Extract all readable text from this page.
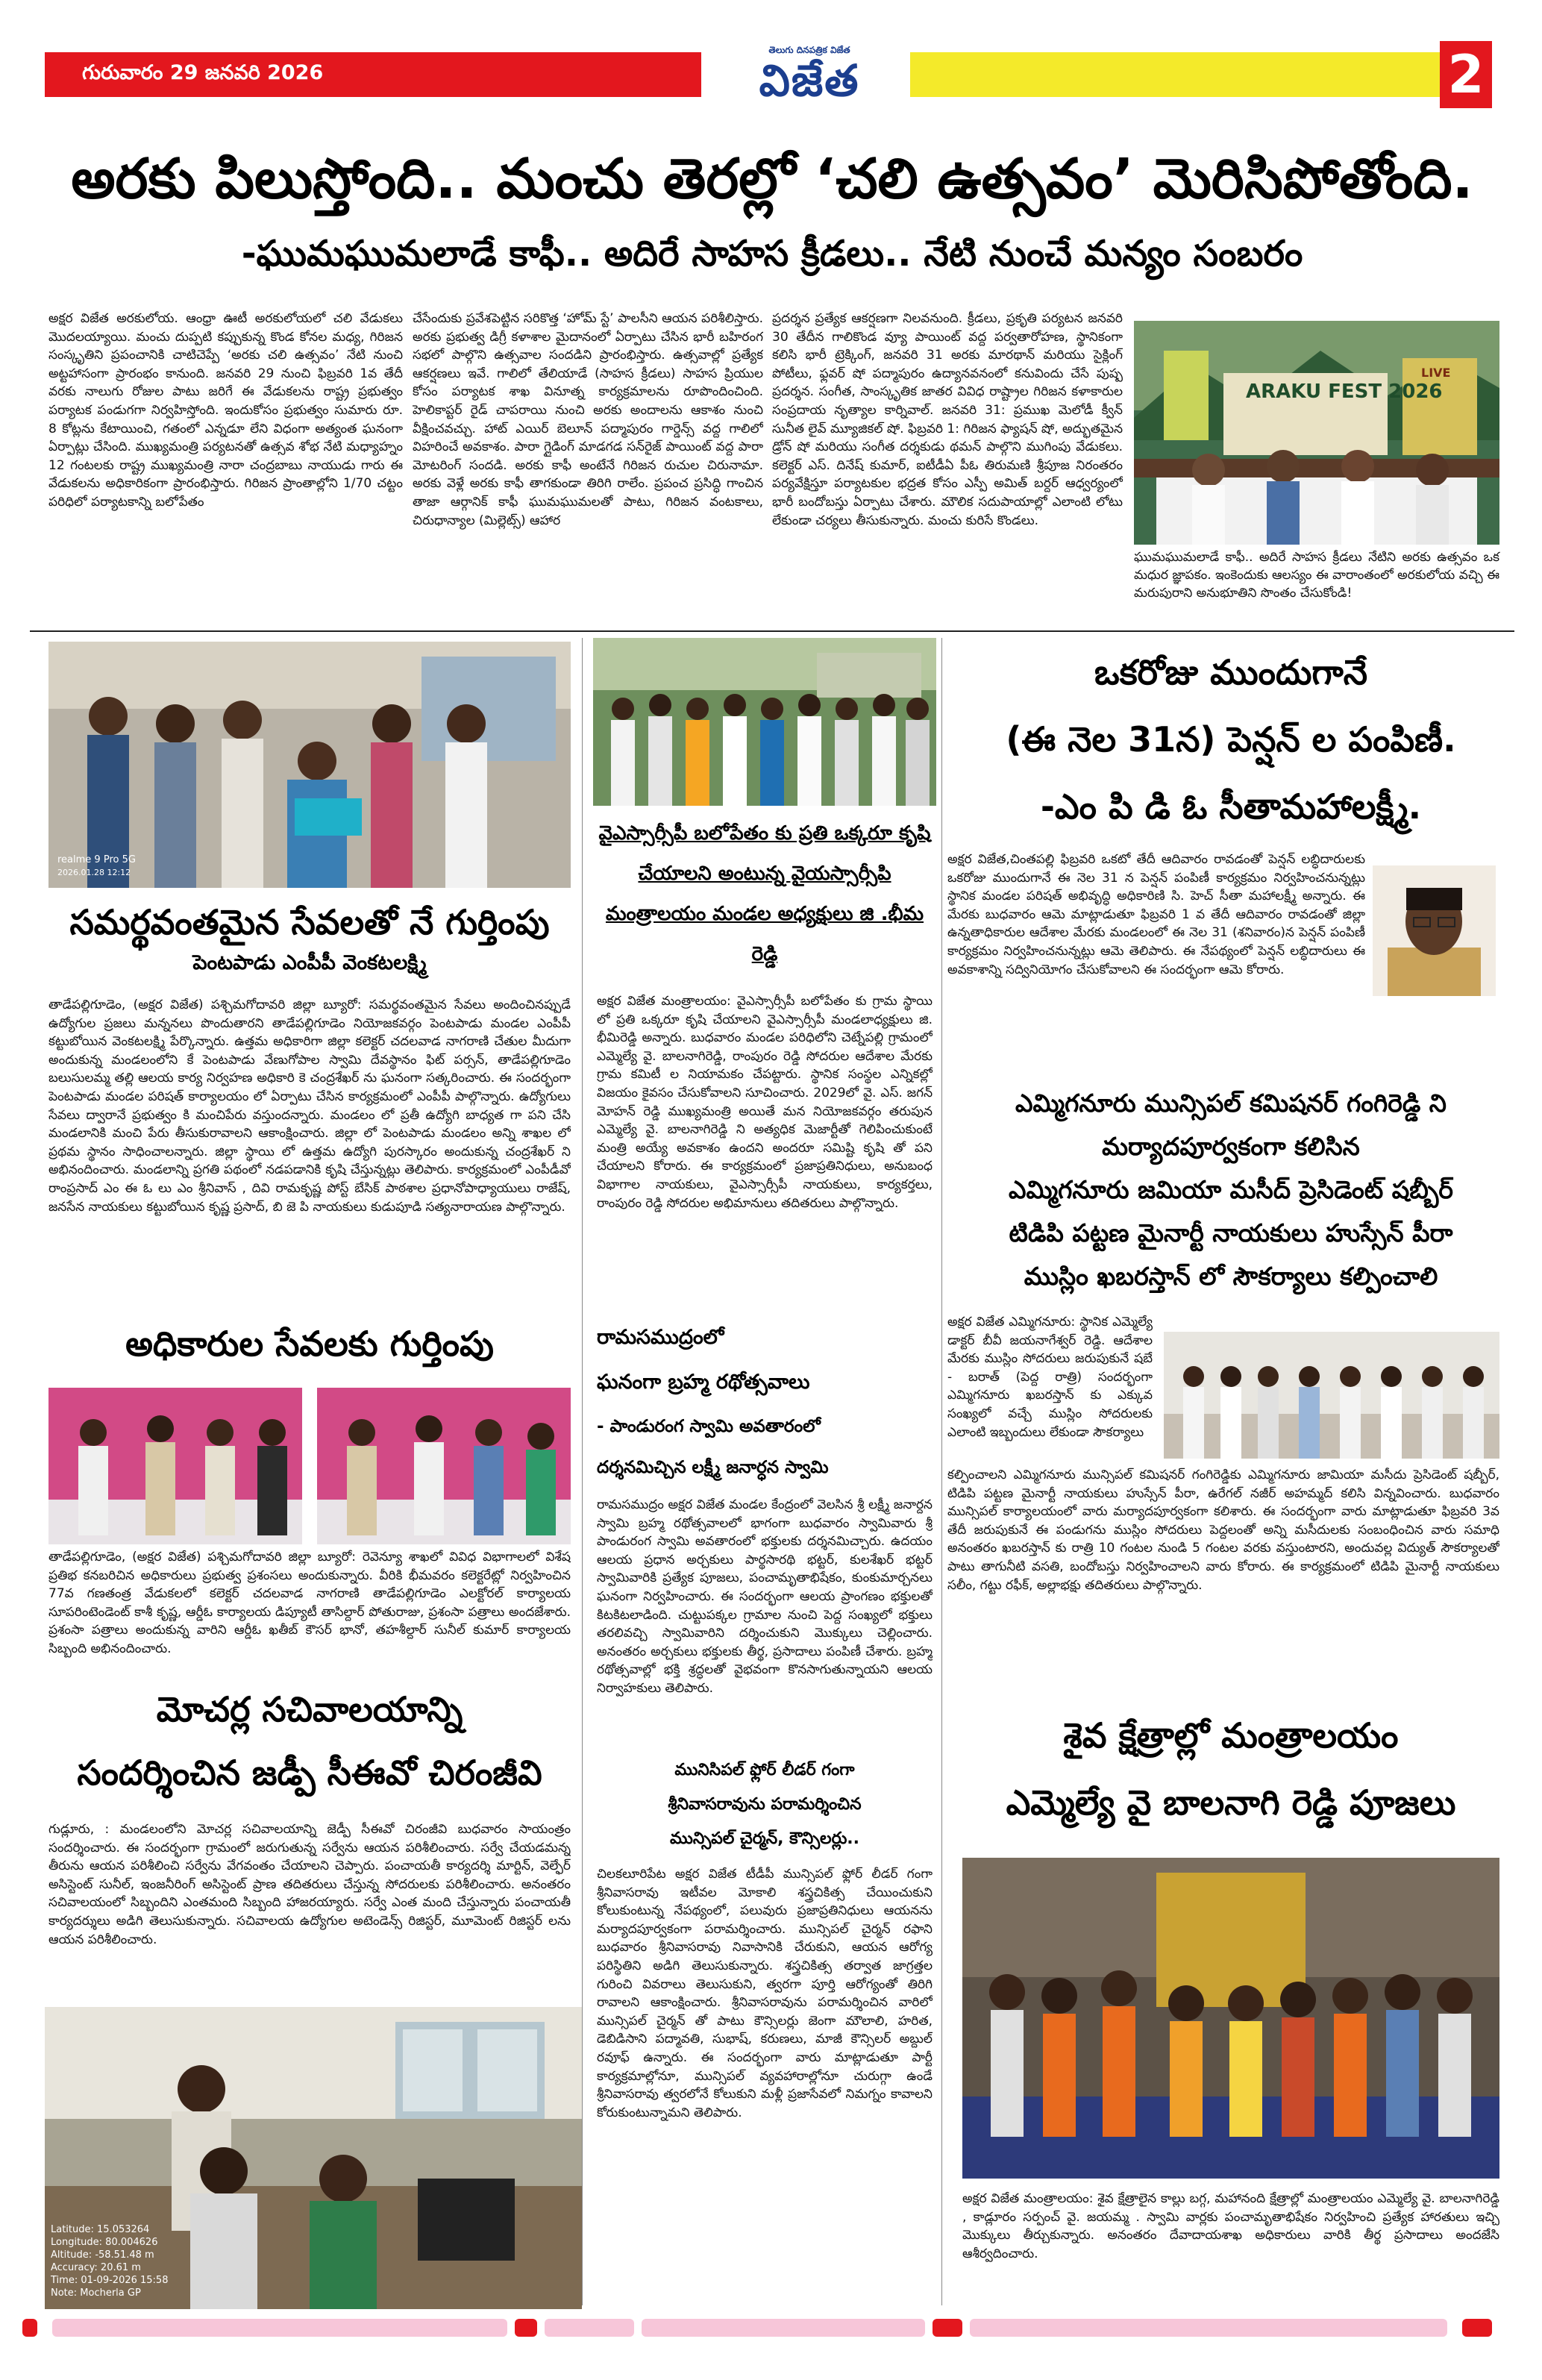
గురువారం 29 జనవరి 2026
తెలుగు దినపత్రిక విజేత
విజేత	2
అరకు పిలుస్తోంది.. మంచు తెరల్లో ‘చలి ఉత్సవం’ మెరిసిపోతోంది.
-ఘుమఘుమలాడే కాఫీ.. అదిరే సాహస క్రీడలు.. నేటి నుంచే మన్యం సంబరం
అక్షర విజేత అరకులోయ. ఆంధ్రా ఊటీ అరకులోయలో చలి వేడుకలు మొదలయ్యాయి. మంచు దుప్పటి కప్పుకున్న కొండ కోనల మధ్య, గిరిజన సంస్కృతిని ప్రపంచానికి చాటిచెప్పే ‘అరకు చలి ఉత్సవం’ నేటి నుంచి అట్టహాసంగా ప్రారంభం కానుంది. జనవరి 29 నుంచి ఫిబ్రవరి 1వ తేదీ వరకు నాలుగు రోజుల పాటు జరిగే ఈ వేడుకలను రాష్ట్ర ప్రభుత్వం పర్యాటక పండుగగా నిర్వహిస్తోంది. ఇందుకోసం ప్రభుత్వం సుమారు రూ. 8 కోట్లను కేటాయించి, గతంలో ఎన్నడూ లేని విధంగా అత్యంత ఘనంగా ఏర్పాట్లు చేసింది. ముఖ్యమంత్రి పర్యటనతో ఉత్సవ శోభ నేటి మధ్యాహ్నం 12 గంటలకు రాష్ట్ర ముఖ్యమంత్రి నారా చంద్రబాబు నాయుడు గారు ఈ వేడుకలను అధికారికంగా ప్రారంభిస్తారు. గిరిజన ప్రాంతాల్లోని 1/70 చట్టం పరిధిలో పర్యాటకాన్ని బలోపేతం
చేసేందుకు ప్రవేశపెట్టిన సరికొత్త ‘హోమ్ స్టే’ పాలసీని ఆయన పరిశీలిస్తారు. అరకు ప్రభుత్వ డిగ్రీ కళాశాల మైదానంలో ఏర్పాటు చేసిన భారీ బహిరంగ సభలో పాల్గొని ఉత్సవాల సందడిని ప్రారంభిస్తారు. ఉత్సవాల్లో ప్రత్యేక ఆకర్షణలు ఇవే. గాలిలో తేలియాడే (సాహస క్రీడలు) సాహస ప్రియుల కోసం పర్యాటక శాఖ వినూత్న కార్యక్రమాలను రూపొందించింది. హెలికాప్టర్ రైడ్ చాపరాయి నుంచి అరకు అందాలను ఆకాశం నుంచి వీక్షించవచ్చు. హాట్ ఎయిర్ బెలూన్ పద్మాపురం గార్డెన్స్ వద్ద గాలిలో విహరించే అవకాశం. పారా గ్లైడింగ్ మాడగడ సన్‌రైజ్ పాయింట్ వద్ద పారా మోటరింగ్ సందడి. అరకు కాఫీ అంటేనే గిరిజన రుచుల చిరునామా. అరకు వెళ్లే అరకు కాఫీ తాగకుండా తిరిగి రాలేం. ప్రపంచ ప్రసిద్ధి గాంచిన తాజా ఆర్గానిక్ కాఫీ ఘుమఘుమలతో పాటు, గిరిజన వంటకాలు, చిరుధాన్యాల (మిల్లెట్స్) ఆహార
ప్రదర్శన ప్రత్యేక ఆకర్షణగా నిలవనుంది. క్రీడలు, ప్రకృతి పర్యటన జనవరి 30 తేదీన గాలికొండ వ్యూ పాయింట్ వద్ద పర్వతారోహణ, స్థానికంగా కలిసి భారీ ట్రెక్కింగ్, జనవరి 31 అరకు మారథాన్ మరియు సైక్లింగ్ పోటీలు, ఫ్లవర్ షో పద్మాపురం ఉద్యానవనంలో కనువిందు చేసే పుష్ప ప్రదర్శన. సంగీత, సాంస్కృతిక జాతర వివిధ రాష్ట్రాల గిరిజన కళాకారుల సంప్రదాయ నృత్యాల కార్నివాల్. జనవరి 31: ప్రముఖ మెలోడీ క్వీన్ సునీత లైవ్ మ్యూజికల్ షో. ఫిబ్రవరి 1: గిరిజన ఫ్యాషన్ షో, అద్భుతమైన డ్రోన్ షో మరియు సంగీత దర్శకుడు థమన్ పాల్గొని ముగింపు వేడుకలు. కలెక్టర్ ఎస్. దినేష్ కుమార్, ఐటీడీఏ పీఓ తిరుమణి శ్రీపూజ నిరంతరం పర్యవేక్షిస్తూ పర్యాటకుల భద్రత కోసం ఎస్పీ అమిత్ బర్దర్ ఆధ్వర్యంలో భారీ బందోబస్తు ఏర్పాటు చేశారు. మౌలిక సదుపాయాల్లో ఎలాంటి లోటు లేకుండా చర్యలు తీసుకున్నారు. మంచు కురిసే కొండలు.
ARAKU FEST 2026
LIVE
ఘుమఘుమలాడే కాఫీ.. అదిరే సాహస క్రీడలు నేటిని అరకు ఉత్సవం ఒక మధుర జ్ఞాపకం. ఇంకెందుకు ఆలస్యం ఈ వారాంతంలో అరకులోయ వచ్చి ఈ మరుపురాని అనుభూతిని సొంతం చేసుకోండి!
realme 9 Pro 5G
2026.01.28 12:12
సమర్థవంతమైన సేవలతో నే గుర్తింపు
పెంటపాడు ఎంపీపీ వెంకటలక్ష్మి
తాడేపల్లిగూడెం, (అక్షర విజేత) పశ్చిమగోదావరి జిల్లా బ్యూరో: సమర్థవంతమైన సేవలు అందించినప్పుడే ఉద్యోగుల ప్రజలు మన్ననలు పొందుతారని తాడేపల్లిగూడెం నియోజకవర్గం పెంటపాడు మండల ఎంపీపీ కట్టుబోయిన వెంకటలక్ష్మి పేర్కొన్నారు. ఉత్తమ అధికారిగా జిల్లా కలెక్టర్ చదలవాడ నాగరాణి చేతుల మీదుగా అందుకున్న మండలంలోని కే పెంటపాడు వేణుగోపాల స్వామి దేవస్థానం ఫిట్ పర్సన్, తాడేపల్లిగూడెం బలుసులమ్మ తల్లి ఆలయ కార్య నిర్వహణ అధికారి కె చంద్రశేఖర్ ను ఘనంగా సత్కరించారు. ఈ సందర్భంగా పెంటపాడు మండల పరిషత్ కార్యాలయం లో ఏర్పాటు చేసిన కార్యక్రమంలో ఎంపీపీ పాల్గొన్నారు. ఉద్యోగులు సేవలు ద్వారానే ప్రభుత్వం కి మంచిపేరు వస్తుందన్నారు. మండలం లో ప్రతీ ఉద్యోగి బాధ్యత గా పని చేసి మండలానికి మంచి పేరు తీసుకురావాలని ఆకాంక్షించారు. జిల్లా లో పెంటపాడు మండలం అన్ని శాఖల లో ప్రథమ స్థానం సాధించాలన్నారు. జిల్లా స్థాయి లో ఉత్తమ ఉద్యోగి పురస్కారం అందుకున్న చంద్రశేఖర్ ని అభినందించారు. మండలాన్ని ప్రగతి పథంలో నడపడానికి కృషి చేస్తున్నట్లు తెలిపారు. కార్యక్రమంలో ఎంపీడీవో రాంప్రసాద్ ఎం ఈ ఓ లు ఎం శ్రీనివాస్ , దివి రామకృష్ణ పోస్ట్ బేసిక్ పాఠశాల ప్రధానోపాధ్యాయులు రాజేష్, జనసేన నాయకులు కట్టుబోయిన కృష్ణ ప్రసాద్, బి జె పి నాయకులు కుడుపూడి సత్యనారాయణ పాల్గొన్నారు.
అధికారుల సేవలకు గుర్తింపు
తాడేపల్లిగూడెం, (అక్షర విజేత) పశ్చిమగోదావరి జిల్లా బ్యూరో: రెవెన్యూ శాఖలో వివిధ విభాగాలలో విశేష ప్రతిభ కనబరిచిన అధికారులు ప్రభుత్వ ప్రశంసలు అందుకున్నారు. వీరికి భీమవరం కలెక్టరేట్లో నిర్వహించిన 77వ గణతంత్ర వేడుకలలో కలెక్టర్ చదలవాడ నాగరాణి తాడేపల్లిగూడెం ఎలక్టోరల్ కార్యాలయ సూపరింటెండెంట్ కాశీ కృష్ణ, ఆర్డీఓ కార్యాలయ డిప్యూటీ తాసిల్దార్ పోతురాజు, ప్రశంసా పత్రాలు అందజేశారు. ప్రశంసా పత్రాలు అందుకున్న వారిని ఆర్డీఓ ఖతీబ్ కౌసర్ భానో, తహశీల్దార్ సునీల్ కుమార్ కార్యాలయ సిబ్బంది అభినందించారు.
మోచర్ల సచివాలయాన్ని
సందర్శించిన జడ్పీ సీఈవో చిరంజీవి
గుడ్లూరు, : మండలంలోని మోచర్ల సచివాలయాన్ని జెడ్పీ సీఈవో చిరంజీవి బుధవారం సాయంత్రం సందర్శించారు. ఈ సందర్భంగా గ్రామంలో జరుగుతున్న సర్వేను ఆయన పరిశీలించారు. సర్వే చేయడమన్న తీరును ఆయన పరిశీలించి సర్వేను వేగవంతం చేయాలని చెప్పారు. పంచాయతీ కార్యదర్శి మార్టిన్, వెల్ఫేర్ అసిస్టెంట్ సునీల్, ఇంజనీరింగ్ అసిస్టెంట్ ప్రాణ తదితరులు చేస్తున్న సోదరులకు పరిశీలించారు. అనంతరం సచివాలయంలో సిబ్బందిని ఎంతమంది సిబ్బంది హాజరయ్యారు. సర్వే ఎంత మంది చేస్తున్నారు పంచాయతీ కార్యదర్శులు అడిగి తెలుసుకున్నారు. సచివాలయ ఉద్యోగుల అటెండెన్స్ రిజిస్టర్, మూమెంట్ రిజిస్టర్ లను ఆయన పరిశీలించారు.
Latitude: 15.053264
Longitude: 80.004626
Altitude: -58.51.48 m
Accuracy: 20.61 m
Time: 01-09-2026 15:58
Note: Mocherla GP
వైఎస్సార్సీపీ బలోపేతం కు ప్రతి ఒక్కరూ కృషి చేయాలని అంటున్న వైయస్సార్సీపి మంత్రాలయం మండల అధ్యక్షులు జి .భీమ రెడ్డి
అక్షర విజేత మంత్రాలయం: వైఎస్సార్సీపీ బలోపేతం కు గ్రామ స్థాయి లో ప్రతి ఒక్కరూ కృషి చేయాలని వైఎస్సార్సీపీ మండలాధ్యక్షులు జి. భీమిరెడ్డి అన్నారు. బుధవారం మండల పరిధిలోని చెట్నేపల్లి గ్రామంలో ఎమ్మెల్యే వై. బాలనాగిరెడ్డి, రాంపురం రెడ్డి సోదరుల ఆదేశాల మేరకు గ్రామ కమిటీ ల నియామకం చేపట్టారు. స్థానిక సంస్థల ఎన్నికల్లో విజయం కైవసం చేసుకోవాలని సూచించారు. 2029లో వై. ఎస్. జగన్ మోహన్ రెడ్డి ముఖ్యమంత్రి అయితే మన నియోజకవర్గం తరుపున ఎమ్మెల్యే వై. బాలనాగిరెడ్డి ని అత్యధిక మెజార్టీతో గెలిపించుకుంటే మంత్రి అయ్యే అవకాశం ఉందని అందరూ సమిష్టి కృషి తో పని చేయాలని కోరారు. ఈ కార్యక్రమంలో ప్రజాప్రతినిధులు, అనుబంధ విభాగాల నాయకులు, వైఎస్సార్సీపీ నాయకులు, కార్యకర్తలు, రాంపురం రెడ్డి సోదరుల అభిమానులు తదితరులు పాల్గొన్నారు.
రామసముద్రంలో
ఘనంగా బ్రహ్మ రథోత్సవాలు
- పాండురంగ స్వామి అవతారంలో
దర్శనమిచ్చిన లక్ష్మీ జనార్ధన స్వామి
రామసముద్రం అక్షర విజేత మండల కేంద్రంలో వెలసిన శ్రీ లక్ష్మీ జనార్దన స్వామి బ్రహ్మ రథోత్సవాలలో భాగంగా బుధవారం స్వామివారు శ్రీ పాండురంగ స్వామి అవతారంలో భక్తులకు దర్శనమిచ్చారు. ఉదయం ఆలయ ప్రధాన అర్చకులు పార్థసారథి భట్టర్, కులశేఖర్ భట్టర్ స్వామివారికి ప్రత్యేక పూజలు, పంచామృతాభిషేకం, కుంకుమార్చనలు ఘనంగా నిర్వహించారు. ఈ సందర్భంగా ఆలయ ప్రాంగణం భక్తులతో కిటకిటలాడింది. చుట్టుపక్కల గ్రామాల నుంచి పెద్ద సంఖ్యలో భక్తులు తరలివచ్చి స్వామివారిని దర్శించుకుని మొక్కులు చెల్లించారు. అనంతరం అర్చకులు భక్తులకు తీర్థ, ప్రసాదాలు పంపిణీ చేశారు. బ్రహ్మ రథోత్సవాల్లో భక్తి శ్రద్ధలతో వైభవంగా కొనసాగుతున్నాయని ఆలయ నిర్వాహకులు తెలిపారు.
మునిసిపల్ ఫ్లోర్ లీడర్ గంగా
శ్రీనివాసరావును పరామర్శించిన
మున్సిపల్ చైర్మన్, కౌన్సిలర్లు..
చిలకలూరిపేట అక్షర విజేత టీడీపీ మున్సిపల్ ఫ్లోర్ లీడర్ గంగా శ్రీనివాసరావు ఇటీవల మోకాలి శస్త్రచికిత్స చేయించుకుని కోలుకుంటున్న నేపథ్యంలో, పలువురు ప్రజాప్రతినిధులు ఆయనను మర్యాదపూర్వకంగా పరామర్శించారు. మున్సిపల్ చైర్మన్ రఫాని బుధవారం శ్రీనివాసరావు నివాసానికి చేరుకుని, ఆయన ఆరోగ్య పరిస్థితిని అడిగి తెలుసుకున్నారు. శస్త్రచికిత్స తర్వాత జాగ్రత్తల గురించి వివరాలు తెలుసుకుని, త్వరగా పూర్తి ఆరోగ్యంతో తిరిగి రావాలని ఆకాంక్షించారు. శ్రీనివాసరావును పరామర్శించిన వారిలో మున్సిపల్ చైర్మన్ తో పాటు కౌన్సిలర్లు జెంగా మౌలాలి, హరిత, డెబిడిసాని పద్మావతి, సుభాష్, కరుణలు, మాజీ కౌన్సిలర్ అబ్దుల్ రవూఫ్ ఉన్నారు. ఈ సందర్భంగా వారు మాట్లాడుతూ పార్టీ కార్యక్రమాల్లోనూ, మున్సిపల్ వ్యవహారాల్లోనూ చురుగ్గా ఉండే శ్రీనివాసరావు త్వరలోనే కోలుకుని మళ్లీ ప్రజాసేవలో నిమగ్నం కావాలని కోరుకుంటున్నామని తెలిపారు.
ఒకరోజు ముందుగానే
(ఈ నెల 31న) పెన్షన్ ల పంపిణీ.
-ఎం పి డి ఓ సీతామహాలక్ష్మీ.
అక్షర విజేత,చింతపల్లి ఫిబ్రవరి ఒకటో తేదీ ఆదివారం రావడంతో పెన్షన్ లబ్ధిదారులకు ఒకరోజు ముందుగానే ఈ నెల 31 న పెన్షన్ పంపిణీ కార్యక్రమం నిర్వహించనున్నట్లు స్థానిక మండల పరిషత్ అభివృద్ధి అధికారిణి సి. హెచ్ సీతా మహాలక్ష్మీ అన్నారు. ఈ మేరకు బుధవారం ఆమె మాట్లాడుతూ ఫిబ్రవరి 1 వ తేదీ ఆదివారం రావడంతో జిల్లా ఉన్నతాధికారుల ఆదేశాల మేరకు మండలంలో ఈ నెల 31 (శనివారం)న పెన్షన్ పంపిణీ కార్యక్రమం నిర్వహించనున్నట్లు ఆమె తెలిపారు. ఈ నేపథ్యంలో పెన్షన్ లబ్ధిదారులు ఈ అవకాశాన్ని సద్వినియోగం చేసుకోవాలని ఈ సందర్భంగా ఆమె కోరారు.
ఎమ్మిగనూరు మున్సిపల్ కమిషనర్ గంగిరెడ్డి ని
మర్యాదపూర్వకంగా కలిసిన
ఎమ్మిగనూరు జమియా మసీద్ ప్రెసిడెంట్ షబ్బీర్
టిడిపి పట్టణ మైనార్టీ నాయకులు హుస్సేన్ పీరా
ముస్లిం ఖబరస్తాన్ లో సౌకర్యాలు కల్పించాలి
అక్షర విజేత ఎమ్మిగనూరు: స్థానిక ఎమ్మెల్యే డాక్టర్ బీవీ జయనాగేశ్వర్ రెడ్డి. ఆదేశాల మేరకు ముస్లిం సోదరులు జరుపుకునే షబే - బరాత్ (పెద్ద రాత్రి) సందర్భంగా ఎమ్మిగనూరు ఖబరస్తాన్ కు ఎక్కువ సంఖ్యలో వచ్చే ముస్లిం సోదరులకు ఎలాంటి ఇబ్బందులు లేకుండా సౌకర్యాలు
కల్పించాలని ఎమ్మిగనూరు మున్సిపల్ కమిషనర్ గంగిరెడ్డికు ఎమ్మిగనూరు జామియా మసీదు ప్రెసిడెంట్ షబ్బీర్, టిడిపి పట్టణ మైనార్టీ నాయకులు హుస్సేన్ పీరా, ఉరేగల్ నజీర్ అహమ్మద్ కలిసి విన్నవించారు. బుధవారం మున్సిపల్ కార్యాలయంలో వారు మర్యాదపూర్వకంగా కలిశారు. ఈ సందర్భంగా వారు మాట్లాడుతూ ఫిబ్రవరి 3వ తేదీ జరుపుకునే ఈ పండుగను ముస్లిం సోదరులు పెద్దలంతో అన్ని మసీదులకు సంబంధించిన వారు సమాధి అనంతరం ఖబరస్తాన్ కు రాత్రి 10 గంటల నుండి 5 గంటల వరకు వస్తుంటారని, అందువల్ల విద్యుత్ సౌకర్యాలతో పాటు తాగునీటి వసతి, బందోబస్తు నిర్వహించాలని వారు కోరారు. ఈ కార్యక్రమంలో టిడిపి మైనార్టీ నాయకులు సలీం, గట్టు రఫీక్, అల్లాభక్షు తదితరులు పాల్గొన్నారు.
శైవ క్షేత్రాల్లో మంత్రాలయం
ఎమ్మెల్యే వై బాలనాగి రెడ్డి పూజలు
అక్షర విజేత మంత్రాలయం: శైవ క్షేత్రాలైన కాల్లు బగ్గ, మహానంది క్షేత్రాల్లో మంత్రాలయం ఎమ్మెల్యే వై. బాలనాగిరెడ్డి , కాడ్లూరం సర్పంచ్ వై. జయమ్మ . స్వామి వార్లకు పంచామృతాభిషేకం నిర్వహించి ప్రత్యేక హారతులు ఇచ్చి మొక్కులు తీర్చుకున్నారు. అనంతరం దేవాదాయశాఖ అధికారులు వారికి తీర్థ ప్రసాదాలు అందజేసి ఆశీర్వదించారు.
